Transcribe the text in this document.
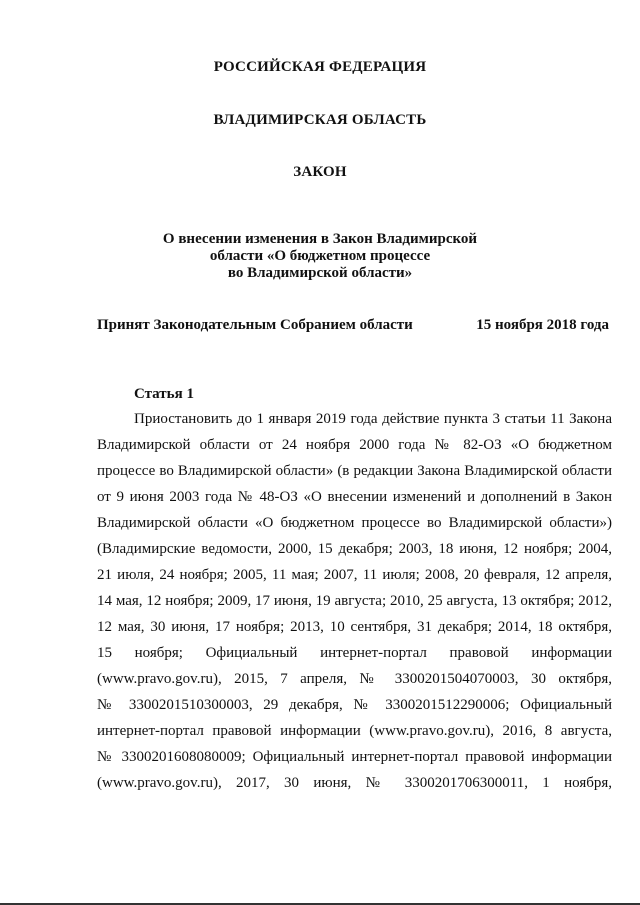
РОССИЙСКАЯ ФЕДЕРАЦИЯ
ВЛАДИМИРСКАЯ ОБЛАСТЬ
ЗАКОН
О внесении изменения в Закон Владимирской
области «О бюджетном процессе
во Владимирской области»
Принят Законодательным Собранием области	15 ноября 2018 года
Статья 1
Приостановить до 1 января 2019 года действие пункта 3 статьи 11 Закона
Владимирской области от 24 ноября 2000 года № 82-ОЗ «О бюджетном
процессе во Владимирской области» (в редакции Закона Владимирской области
от 9 июня 2003 года № 48-ОЗ «О внесении изменений и дополнений в Закон
Владимирской области «О бюджетном процессе во Владимирской области»)
(Владимирские ведомости, 2000, 15 декабря; 2003, 18 июня, 12 ноября; 2004,
21 июля, 24 ноября; 2005, 11 мая; 2007, 11 июля; 2008, 20 февраля, 12 апреля,
14 мая, 12 ноября; 2009, 17 июня, 19 августа; 2010, 25 августа, 13 октября; 2012,
12 мая, 30 июня, 17 ноября; 2013, 10 сентября, 31 декабря; 2014, 18 октября,
15 ноября; Официальный интернет-портал правовой информации
(www.pravo.gov.ru), 2015, 7 апреля, № 3300201504070003, 30 октября,
№ 3300201510300003, 29 декабря, № 3300201512290006; Официальный
интернет-портал правовой информации (www.pravo.gov.ru), 2016, 8 августа,
№ 3300201608080009; Официальный интернет-портал правовой информации
(www.pravo.gov.ru), 2017, 30 июня, № 3300201706300011, 1 ноября,
